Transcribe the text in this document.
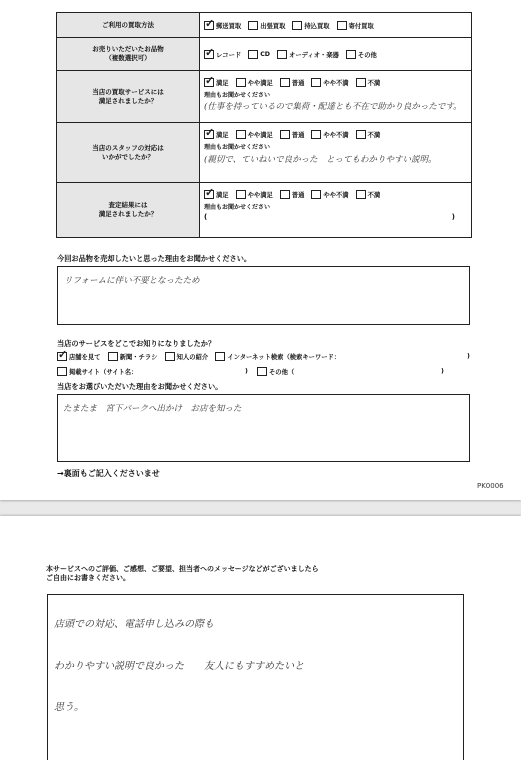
ご利用の買取方法 ✓	郵送買取	出張買取	持込買取	寄付買取
お売りいただいたお品物
（複数選択可） ✓	レコード	CD	オーディオ・楽器	その他
当店の買取サービスには
満足されましたか？
✓
満足	やや満足	普通	やや不満	不満
理由もお聞かせください
(仕事を持っているので集荷・配達とも不在で助かり良かったです。
当店のスタッフの対応は
いかがでしたか？
✓
満足	やや満足	普通	やや不満	不満
理由もお聞かせください
(親切で、ていねいで良かった　とってもわかりやすい説明。
査定結果には
満足されましたか？
✓
満足	やや満足	普通	やや不満	不満
理由もお聞かせください
(	)
今回お品物を売却したいと思った理由をお聞かせください。
リフォームに伴い不要となったため
当店のサービスをどこでお知りになりましたか？
✓
店舗を見て
	新聞・チラシ
	知人の紹介
	インターネット検索（検索キーワード：	)
掲載サイト（サイト名：	)	その他（	)
当店をお選びいただいた理由をお聞かせください。
たまたま　宮下パークへ出かけ　お店を知った
→裏面もご記入くださいませ
PK0006
本サービスへのご評価、ご感想、ご要望、担当者へのメッセージなどがございましたら
ご自由にお書きください。
店頭での対応、電話申し込みの際も
わかりやすい説明で良かった　　友人にもすすめたいと
思う。
